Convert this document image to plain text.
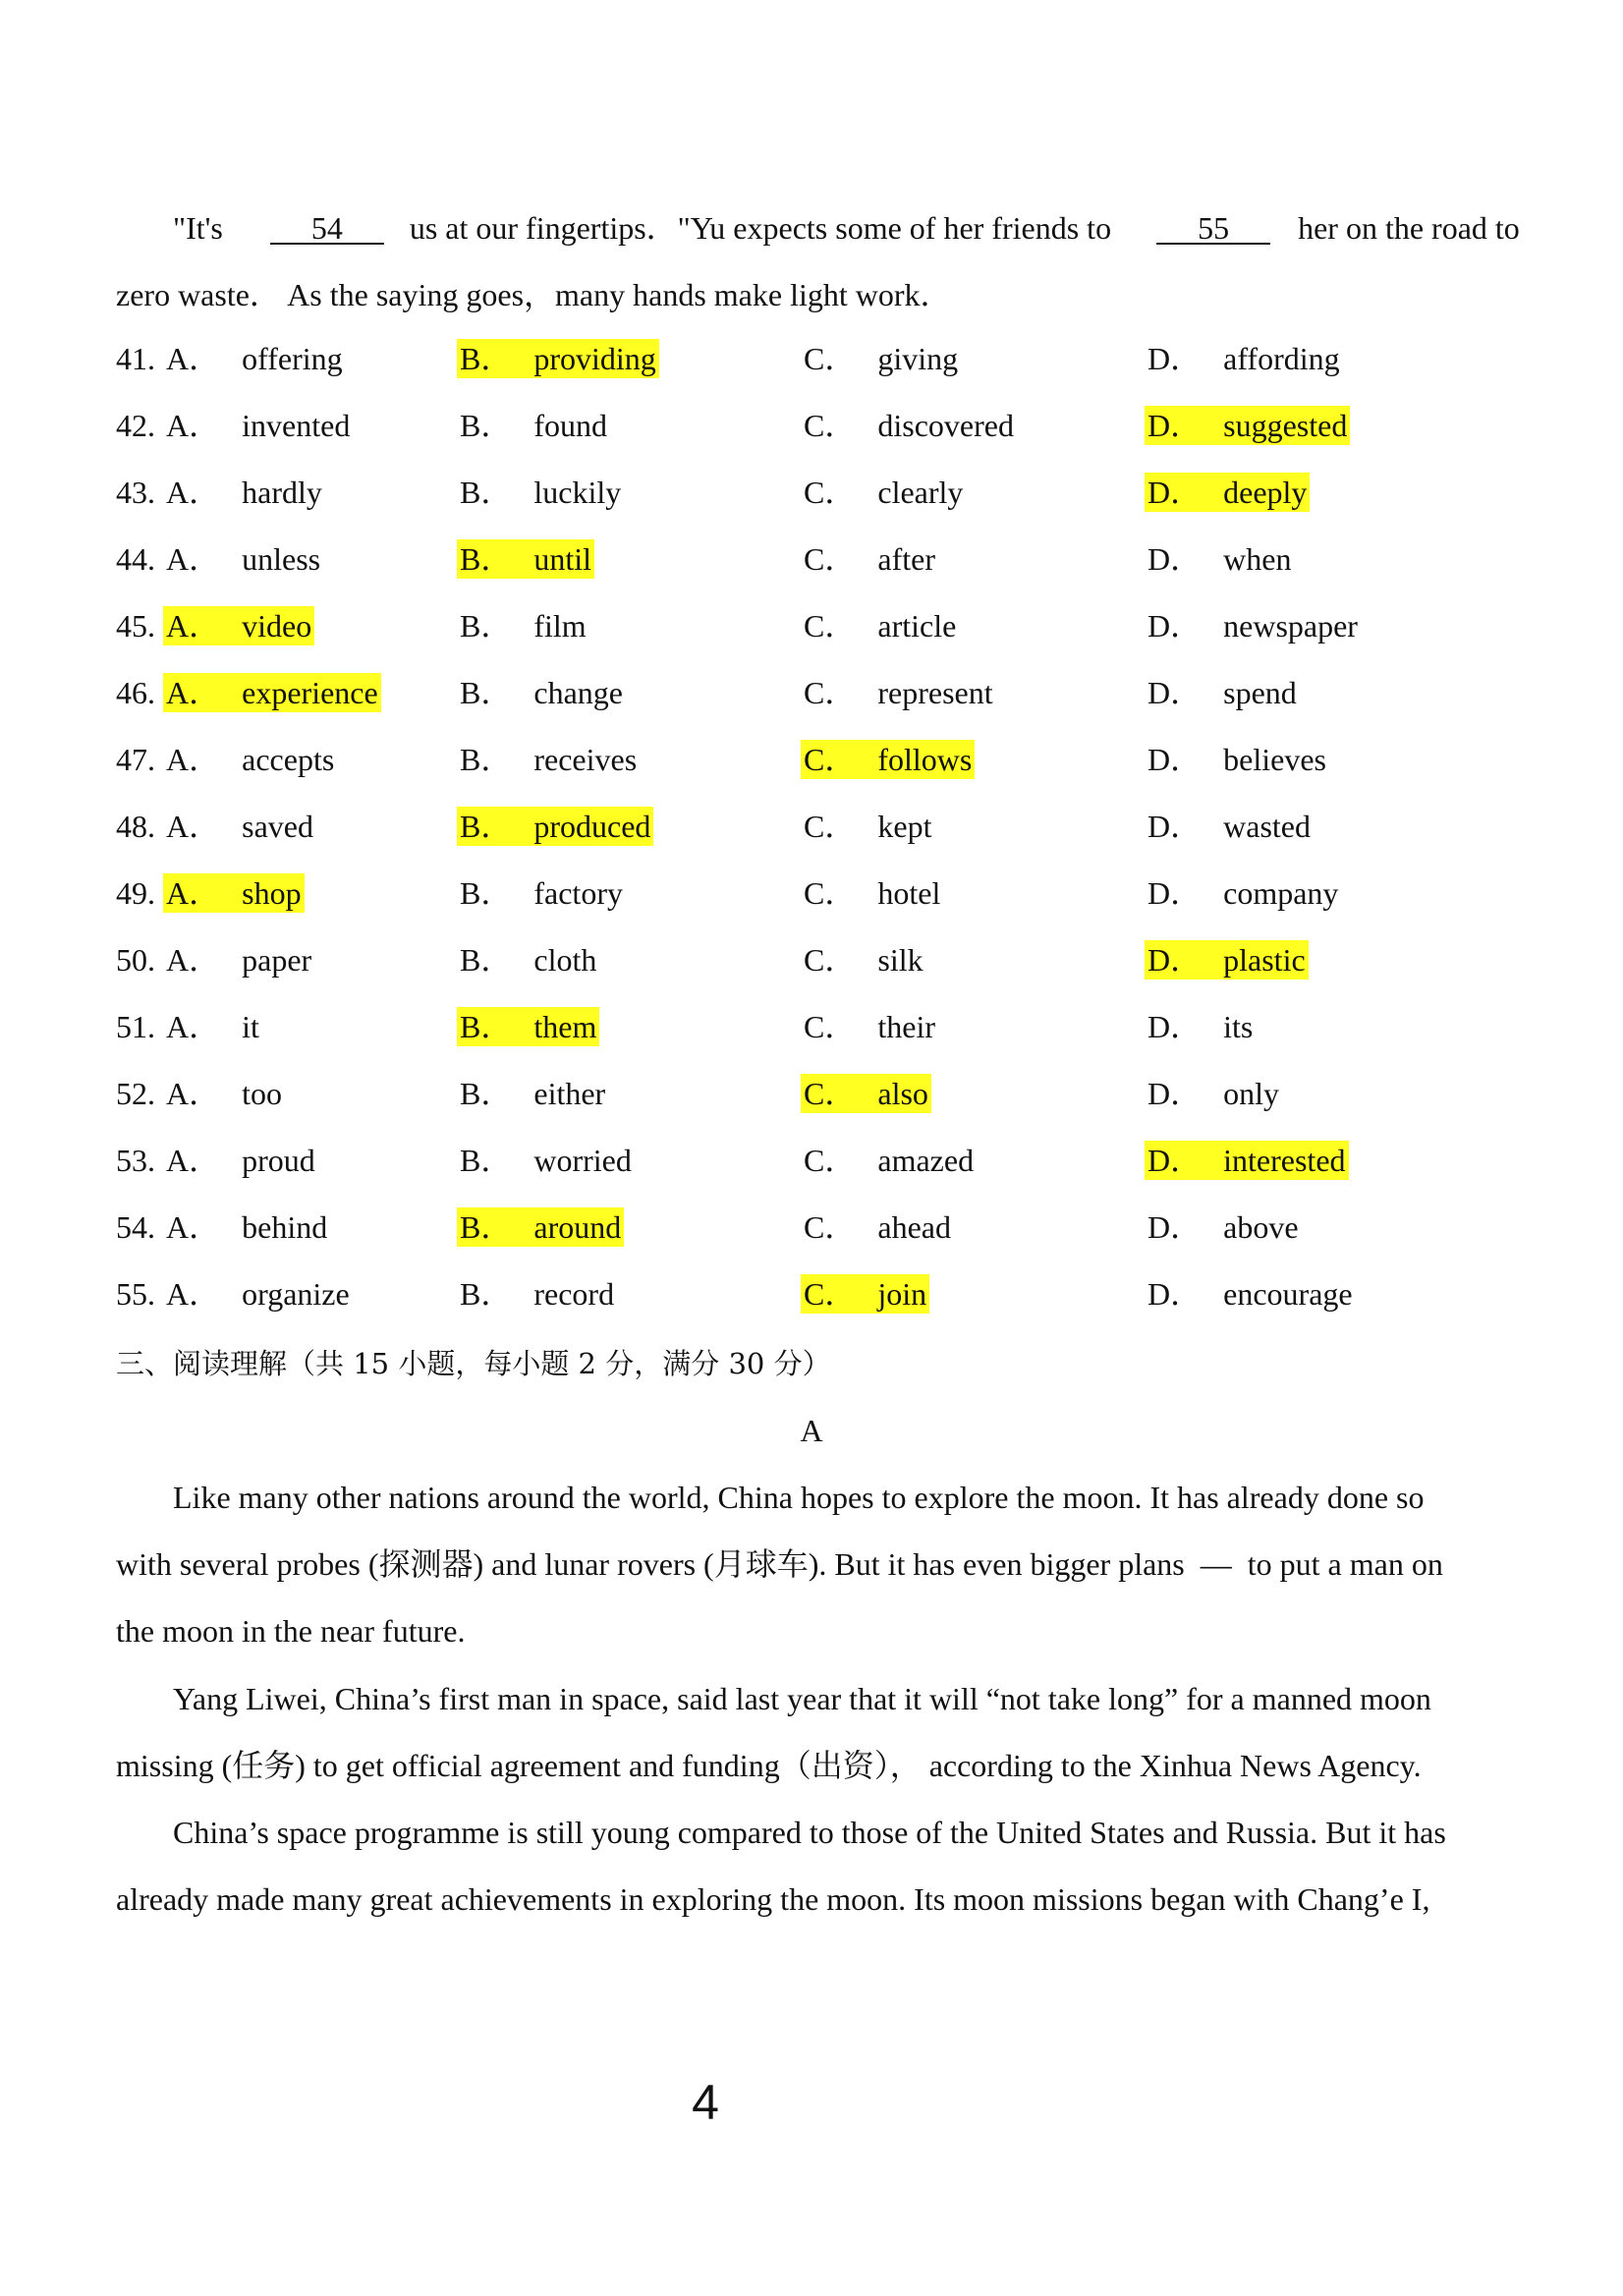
"It's	54 us at our fingertips．"Yu expects some of her friends to	55 her on the road to
zero waste． As the saying goes，many hands make light work．
41. A． offering	B． providing	C． giving	D． affording
42. A． invented	B． found	C． discovered	D． suggested
43. A． hardly	B． luckily	C． clearly	D． deeply
44. A． unless	B． until	C． after	D． when
45. A． video	B． film	C． article	D． newspaper
46. A． experience	B． change	C． represent	D． spend
47. A． accepts	B． receives	C． follows	D． believes
48. A． saved	B． produced	C． kept	D． wasted
49. A． shop	B． factory	C． hotel	D． company
50. A． paper	B． cloth	C． silk	D． plastic
51. A． it	B． them	C． their	D． its
52. A． too	B． either	C． also	D． only
53. A． proud	B． worried	C． amazed	D． interested
54. A． behind	B． around	C． ahead	D． above
55. A． organize	B． record	C． join	D． encourage
三、阅读理解（共 15 小题，每小题 2 分，满分 30 分）
A
Like many other nations around the world, China hopes to explore the moon. It has already done so
with several probes (探测器) and lunar rovers (月球车). But it has even bigger plans  —  to put a man on
the moon in the near future.
Yang Liwei, China’s first man in space, said last year that it will “not take long” for a manned moon
missing (任务) to get official agreement and funding（出资）， according to the Xinhua News Agency.
China’s space programme is still young compared to those of the United States and Russia. But it has
already made many great achievements in exploring the moon. Its moon missions began with Chang’e I,
4
